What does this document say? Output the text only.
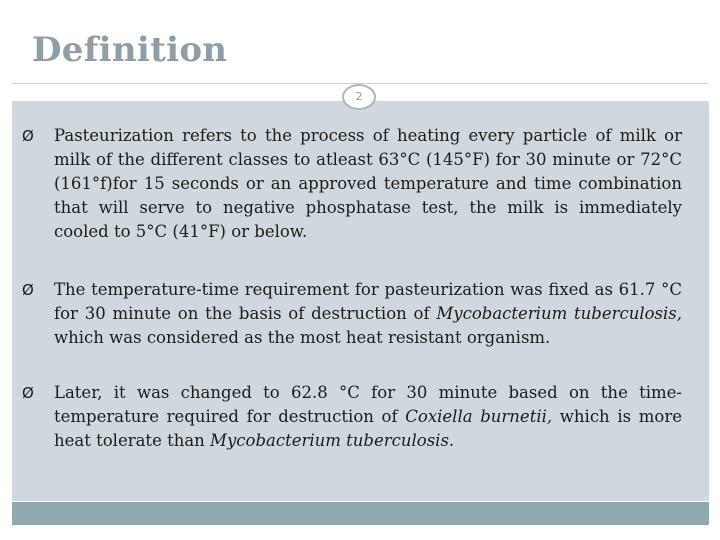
Definition
2
Ø Pasteurization refers to the process of heating every particle of milk or milk of the different classes to atleast 63°C (145°F) for 30 minute or 72°C (161°f)for 15 seconds or an approved temperature and time combination that will serve to negative phosphatase test, the milk is immediately cooled to 5°C (41°F) or below.
Ø The temperature-time requirement for pasteurization was fixed as 61.7 °C for 30 minute on the basis of destruction of Mycobacterium tuberculosis, which was considered as the most heat resistant organism.
Ø Later, it was changed to 62.8 °C for 30 minute based on the time-temperature required for destruction of Coxiella burnetii, which is more heat tolerate than Mycobacterium tuberculosis.
